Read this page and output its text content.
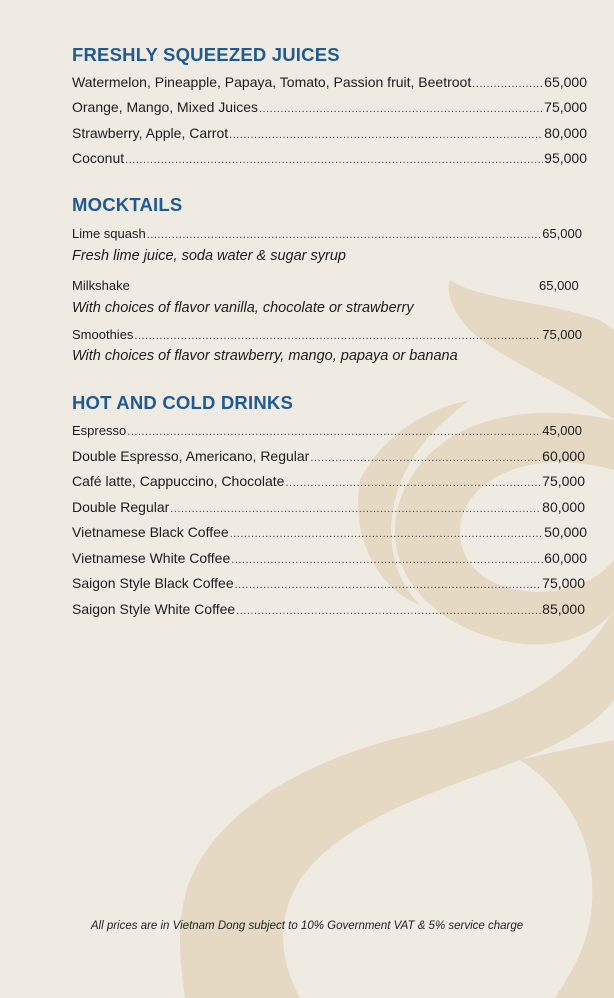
FRESHLY SQUEEZED JUICES
Watermelon, Pineapple, Papaya, Tomato, Passion fruit, Beetroot .....	65,000
Orange, Mango, Mixed Juices .....	75,000
Strawberry, Apple, Carrot .....	80,000
Coconut .....	95,000
MOCKTAILS
Lime squash .....	65,000
Fresh lime juice, soda water & sugar syrup
Milkshake	65,000
With choices of flavor vanilla, chocolate or strawberry
Smoothies .....	75,000
With choices of flavor strawberry, mango, papaya or banana
HOT AND COLD DRINKS
Espresso .....	45,000
Double Espresso, Americano, Regular .....	60,000
Café latte, Cappuccino, Chocolate .....	75,000
Double Regular .....	80,000
Vietnamese Black Coffee .....	50,000
Vietnamese White Coffee .....	60,000
Saigon Style Black Coffee .....	75,000
Saigon Style White Coffee .....	85,000
All prices are in Vietnam Dong subject to 10% Government VAT & 5% service charge
